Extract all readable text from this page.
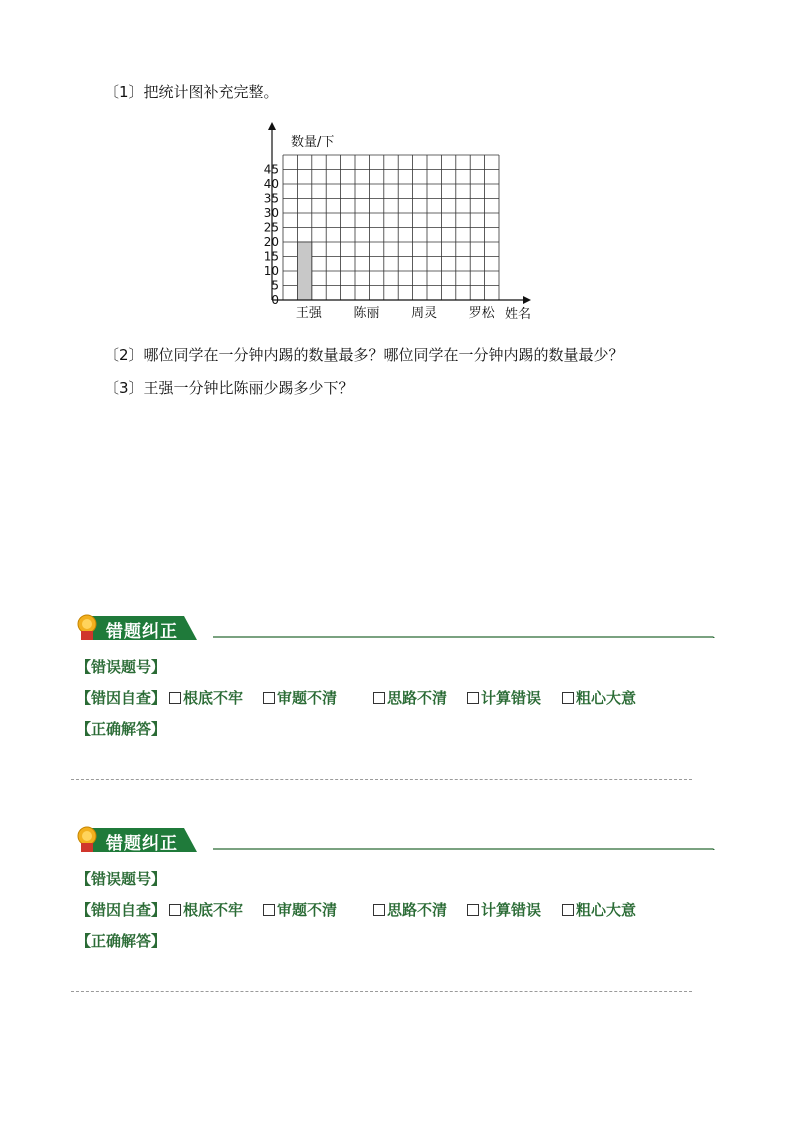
〔1〕把统计图补充完整。
0
5
10
15
20
25
30
35
40
45
王强 陈丽 周灵 罗松
数量/下
姓名
〔2〕哪位同学在一分钟内踢的数量最多？哪位同学在一分钟内踢的数量最少？
〔3〕王强一分钟比陈丽少踢多少下？
错题纠正
【错误题号】
【错因自查】	根底不牢	审题不清	思路不清	计算错误	粗心大意
【正确解答】
错题纠正
【错误题号】
【错因自查】	根底不牢	审题不清	思路不清	计算错误	粗心大意
【正确解答】
